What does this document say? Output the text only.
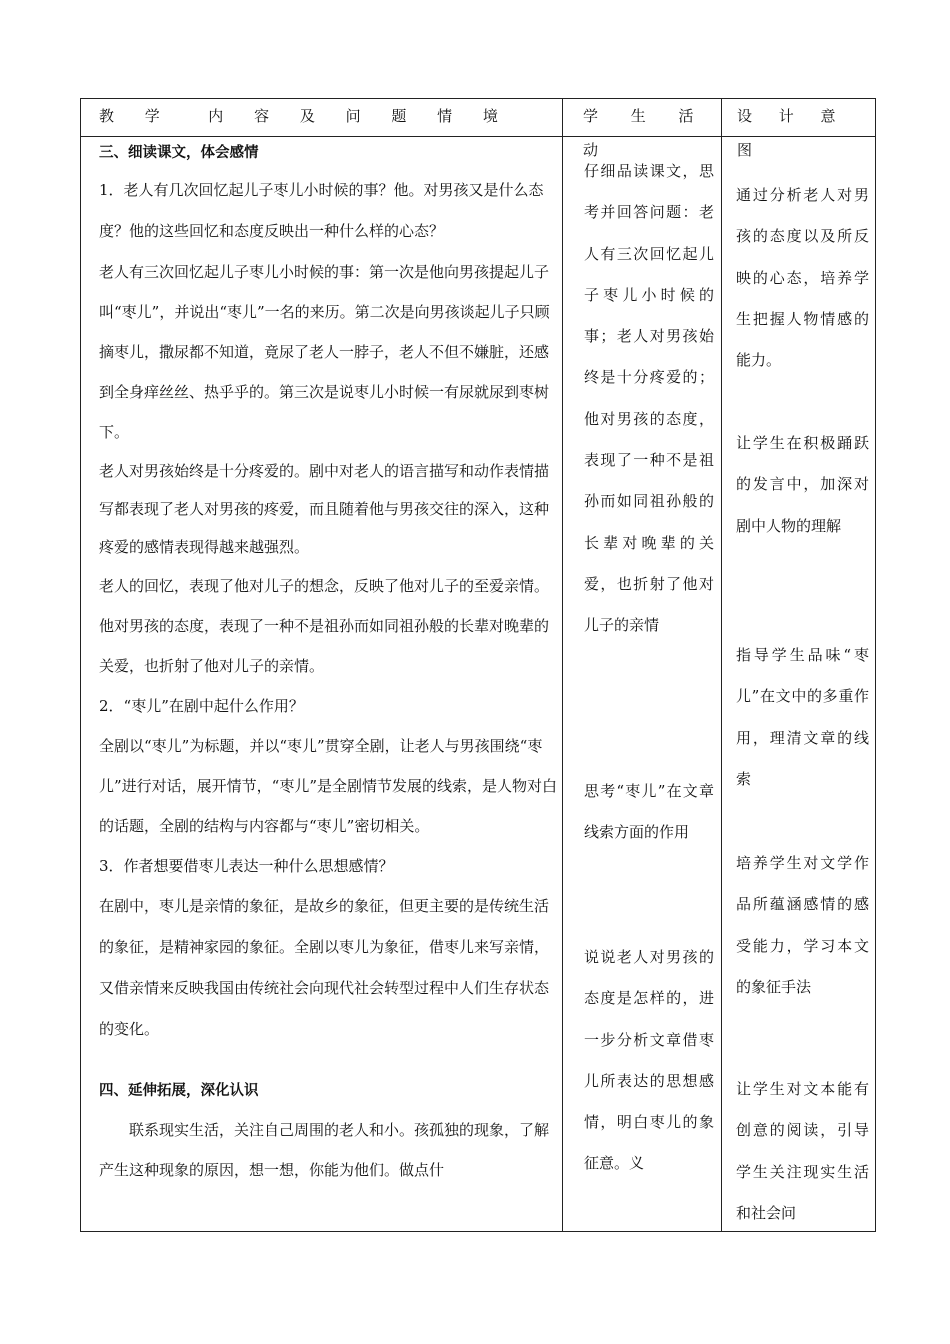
教 学  内 容 及 问 题 情 境	学 生 活 动
设 计 意 图

三、细读课文，体会感情

1．老人有几次回忆起儿子枣儿小时候的事？他。对男孩又是什么态度？他的这些回忆和态度反映出一种什么样的心态？

老人有三次回忆起儿子枣儿小时候的事：第一次是他向男孩提起儿子叫“枣儿”，并说出“枣儿”一名的来历。第二次是向男孩谈起儿子只顾摘枣儿，撒尿都不知道，竟尿了老人一脖子，老人不但不嫌脏，还感到全身痒丝丝、热乎乎的。第三次是说枣儿小时候一有尿就尿到枣树下。

老人对男孩始终是十分疼爱的。剧中对老人的语言描写和动作表情描写都表现了老人对男孩的疼爱，而且随着他与男孩交往的深入，这种疼爱的感情表现得越来越强烈。

老人的回忆，表现了他对儿子的想念，反映了他对儿子的至爱亲情。他对男孩的态度，表现了一种不是祖孙而如同祖孙般的长辈对晚辈的关爱，也折射了他对儿子的亲情。

2．“枣儿”在剧中起什么作用？

全剧以“枣儿”为标题，并以“枣儿”贯穿全剧，让老人与男孩围绕“枣儿”进行对话，展开情节，“枣儿”是全剧情节发展的线索，是人物对白的话题，全剧的结构与内容都与“枣儿”密切相关。

3．作者想要借枣儿表达一种什么思想感情？

在剧中，枣儿是亲情的象征，是故乡的象征，但更主要的是传统生活的象征，是精神家园的象征。全剧以枣儿为象征，借枣儿来写亲情，又借亲情来反映我国由传统社会向现代社会转型过程中人们生存状态的变化。

四、延伸拓展，深化认识

联系现实生活，关注自己周围的老人和小。孩孤独的现象，了解产生这种现象的原因，想一想，你能为他们。做点什

仔细品读课文，思考并回答问题：老人有三次回忆起儿子枣儿小时候的事；老人对男孩始终是十分疼爱的；他对男孩的态度，表现了一种不是祖孙而如同祖孙般的长辈对晚辈的关爱，也折射了他对儿子的亲情
思考“枣儿”在文章线索方面的作用
说说老人对男孩的态度是怎样的，进一步分析文章借枣儿所表达的思想感情，明白枣儿的象征意。义
通过分析老人对男孩的态度以及所反映的心态，培养学生把握人物情感的能力。
让学生在积极踊跃的发言中，加深对剧中人物的理解
指导学生品味“枣儿”在文中的多重作用，理清文章的线索
培养学生对文学作品所蕴涵感情的感受能力，学习本文的象征手法
让学生对文本能有创意的阅读，引导学生关注现实生活和社会问
